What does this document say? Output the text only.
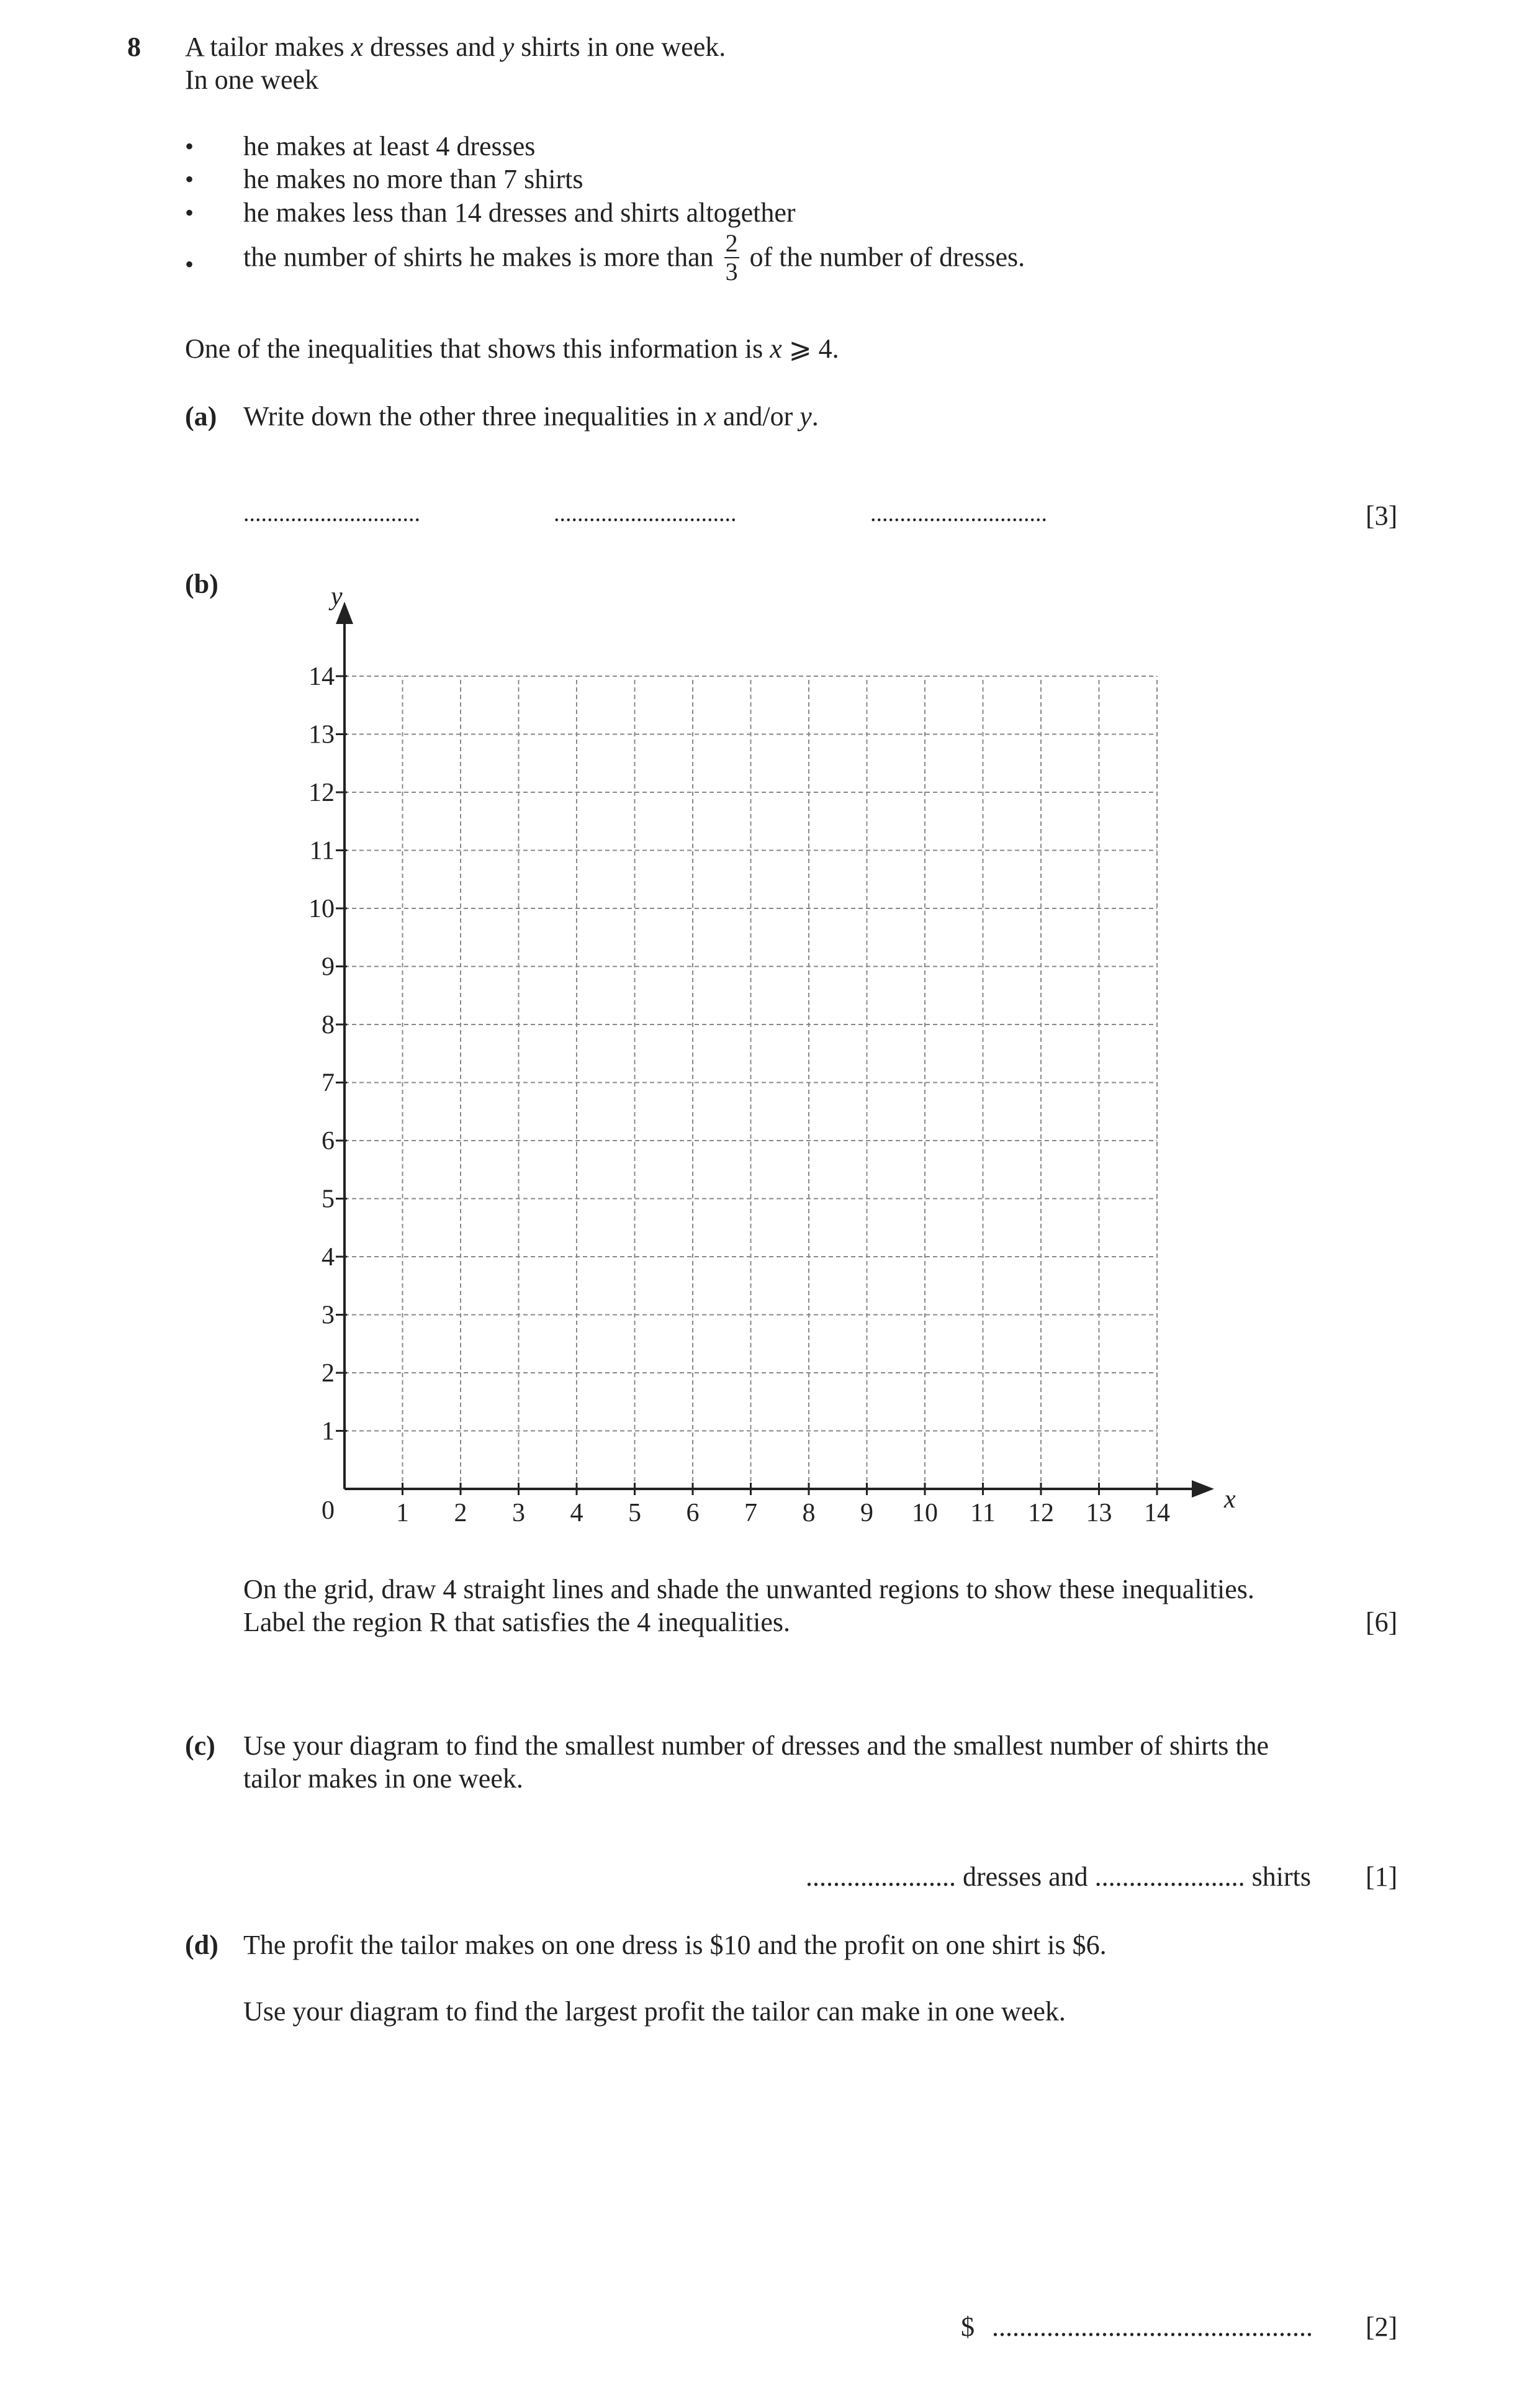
8 A tailor makes x dresses and y shirts in one week.
In one week
• he makes at least 4 dresses
• he makes no more than 7 shirts
• he makes less than 14 dresses and shirts altogether
• the number of shirts he makes is more than $\frac{2}{3}$ of the number of dresses.
One of the inequalities that shows this information is x ⩾ 4.
(a) Write down the other three inequalities in x and/or y.
..............................	...............................	..............................	[3]
(b)
1 2 3 4 5 6 7 8 9 10 11 12 13 14
1
2
3
4
5
6
7
8
9
10
11
12
13
14
x
y
0
On the grid, draw 4 straight lines and shade the unwanted regions to show these inequalities.
Label the region R that satisfies the 4 inequalities.	[6]
(c) Use your diagram to find the smallest number of dresses and the smallest number of shirts the
tailor makes in one week.
...................... dresses and ...................... shirts [1]
(d) The profit the tailor makes on one dress is $10 and the profit on one shirt is $6.
Use your diagram to find the largest profit the tailor can make in one week.
$ ............................................... [2]
